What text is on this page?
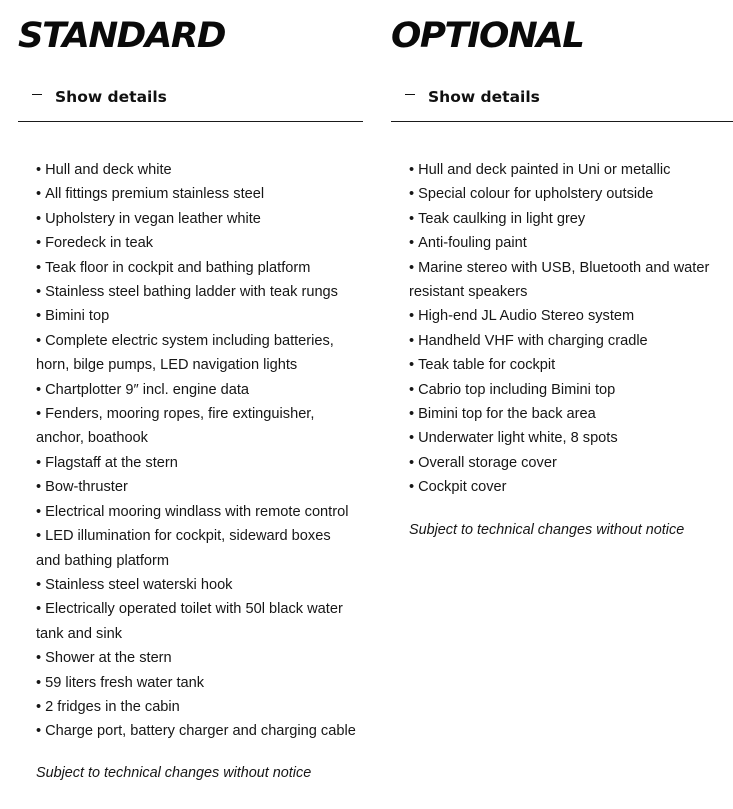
STANDARD
Show details
• Hull and deck white
• All fittings premium stainless steel
• Upholstery in vegan leather white
• Foredeck in teak
• Teak floor in cockpit and bathing platform
• Stainless steel bathing ladder with teak rungs
• Bimini top
• Complete electric system including batteries, horn, bilge pumps, LED navigation lights
• Chartplotter 9″ incl. engine data
• Fenders, mooring ropes, fire extinguisher, anchor, boathook
• Flagstaff at the stern
• Bow-thruster
• Electrical mooring windlass with remote control
• LED illumination for cockpit, sideward boxes and bathing platform
• Stainless steel waterski hook
• Electrically operated toilet with 50l black water tank and sink
• Shower at the stern
• 59 liters fresh water tank
• 2 fridges in the cabin
• Charge port, battery charger and charging cable

Subject to technical changes without notice

OPTIONAL
Show details
• Hull and deck painted in Uni or metallic
• Special colour for upholstery outside
• Teak caulking in light grey
• Anti-fouling paint
• Marine stereo with USB, Bluetooth and water resistant speakers
• High-end JL Audio Stereo system
• Handheld VHF with charging cradle
• Teak table for cockpit
• Cabrio top including Bimini top
• Bimini top for the back area
• Underwater light white, 8 spots
• Overall storage cover
• Cockpit cover

Subject to technical changes without notice
